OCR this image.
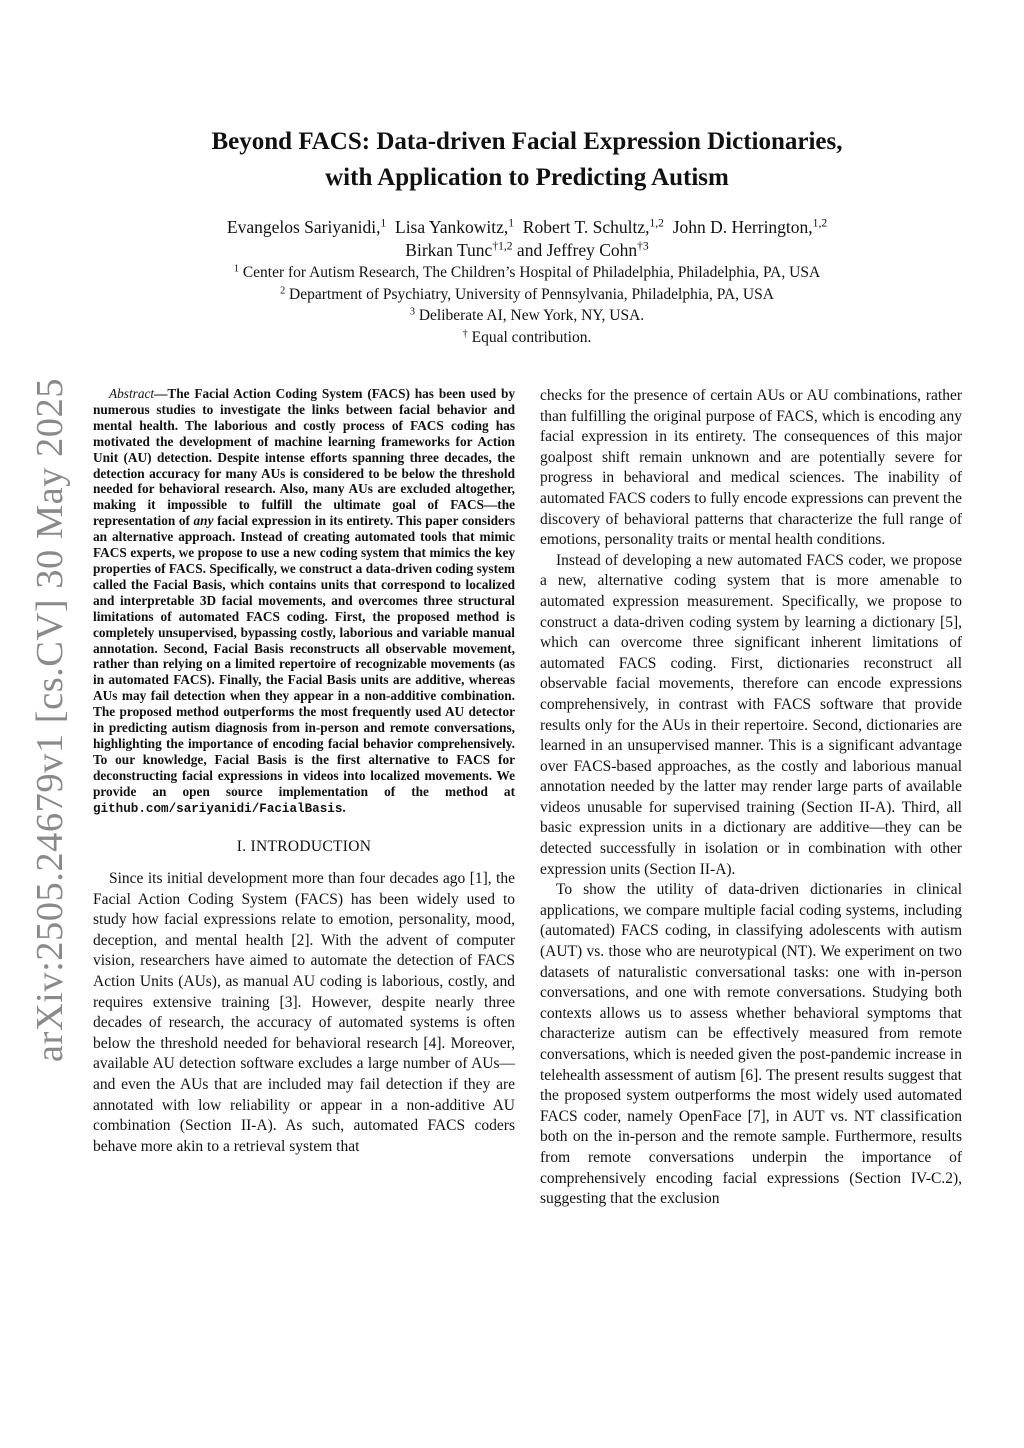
arXiv:2505.24679v1 [cs.CV] 30 May 2025
Beyond FACS: Data-driven Facial Expression Dictionaries,
with Application to Predicting Autism
Evangelos Sariyanidi,$^1$ Lisa Yankowitz,$^1$ Robert T. Schultz,$^{1,2}$ John D. Herrington,$^{1,2}$
Birkan Tunc$^{\dagger 1,2}$ and Jeffrey Cohn$^{\dagger 3}$
$^1$ Center for Autism Research, The Children’s Hospital of Philadelphia, Philadelphia, PA, USA
$^2$ Department of Psychiatry, University of Pennsylvania, Philadelphia, PA, USA
$^3$ Deliberate AI, New York, NY, USA.
† Equal contribution.

Abstract—The Facial Action Coding System (FACS) has been used by numerous studies to investigate the links between facial behavior and mental health. The laborious and costly process of FACS coding has motivated the development of machine learning frameworks for Action Unit (AU) detection. Despite intense efforts spanning three decades, the detection accuracy for many AUs is considered to be below the threshold needed for behavioral research. Also, many AUs are excluded altogether, making it impossible to fulfill the ultimate goal of FACS—the representation of any facial expression in its entirety. This paper considers an alternative approach. Instead of creating automated tools that mimic FACS experts, we propose to use a new coding system that mimics the key properties of FACS. Specifically, we construct a data-driven coding system called the Facial Basis, which contains units that correspond to localized and interpretable 3D facial movements, and overcomes three structural limitations of automated FACS coding. First, the proposed method is completely unsupervised, bypassing costly, laborious and variable manual annotation. Second, Facial Basis reconstructs all observable movement, rather than relying on a limited repertoire of recognizable movements (as in automated FACS). Finally, the Facial Basis units are additive, whereas AUs may fail detection when they appear in a non-additive combination. The proposed method outperforms the most frequently used AU detector in predicting autism diagnosis from in-person and remote conversations, highlighting the importance of encoding facial behavior comprehensively. To our knowledge, Facial Basis is the first alternative to FACS for deconstructing facial expressions in videos into localized movements. We provide an open source implementation of the method at github.com/sariyanidi/FacialBasis.

I. INTRODUCTION

Since its initial development more than four decades ago [1], the Facial Action Coding System (FACS) has been widely used to study how facial expressions relate to emotion, personality, mood, deception, and mental health [2]. With the advent of computer vision, researchers have aimed to automate the detection of FACS Action Units (AUs), as manual AU coding is laborious, costly, and requires extensive training [3]. However, despite nearly three decades of research, the accuracy of automated systems is often below the threshold needed for behavioral research [4]. Moreover, available AU detection software excludes a large number of AUs—and even the AUs that are included may fail detection if they are annotated with low reliability or appear in a non-additive AU combination (Section II-A). As such, automated FACS coders behave more akin to a retrieval system that

checks for the presence of certain AUs or AU combinations, rather than fulfilling the original purpose of FACS, which is encoding any facial expression in its entirety. The consequences of this major goalpost shift remain unknown and are potentially severe for progress in behavioral and medical sciences. The inability of automated FACS coders to fully encode expressions can prevent the discovery of behavioral patterns that characterize the full range of emotions, personality traits or mental health conditions.

Instead of developing a new automated FACS coder, we propose a new, alternative coding system that is more amenable to automated expression measurement. Specifically, we propose to construct a data-driven coding system by learning a dictionary [5], which can overcome three significant inherent limitations of automated FACS coding. First, dictionaries reconstruct all observable facial movements, therefore can encode expressions comprehensively, in contrast with FACS software that provide results only for the AUs in their repertoire. Second, dictionaries are learned in an unsupervised manner. This is a significant advantage over FACS-based approaches, as the costly and laborious manual annotation needed by the latter may render large parts of available videos unusable for supervised training (Section II-A). Third, all basic expression units in a dictionary are additive—they can be detected successfully in isolation or in combination with other expression units (Section II-A).

To show the utility of data-driven dictionaries in clinical applications, we compare multiple facial coding systems, including (automated) FACS coding, in classifying adolescents with autism (AUT) vs. those who are neurotypical (NT). We experiment on two datasets of naturalistic conversational tasks: one with in-person conversations, and one with remote conversations. Studying both contexts allows us to assess whether behavioral symptoms that characterize autism can be effectively measured from remote conversations, which is needed given the post-pandemic increase in telehealth assessment of autism [6]. The present results suggest that the proposed system outperforms the most widely used automated FACS coder, namely OpenFace [7], in AUT vs. NT classification both on the in-person and the remote sample. Furthermore, results from remote conversations underpin the importance of comprehensively encoding facial expressions (Section IV-C.2), suggesting that the exclusion
